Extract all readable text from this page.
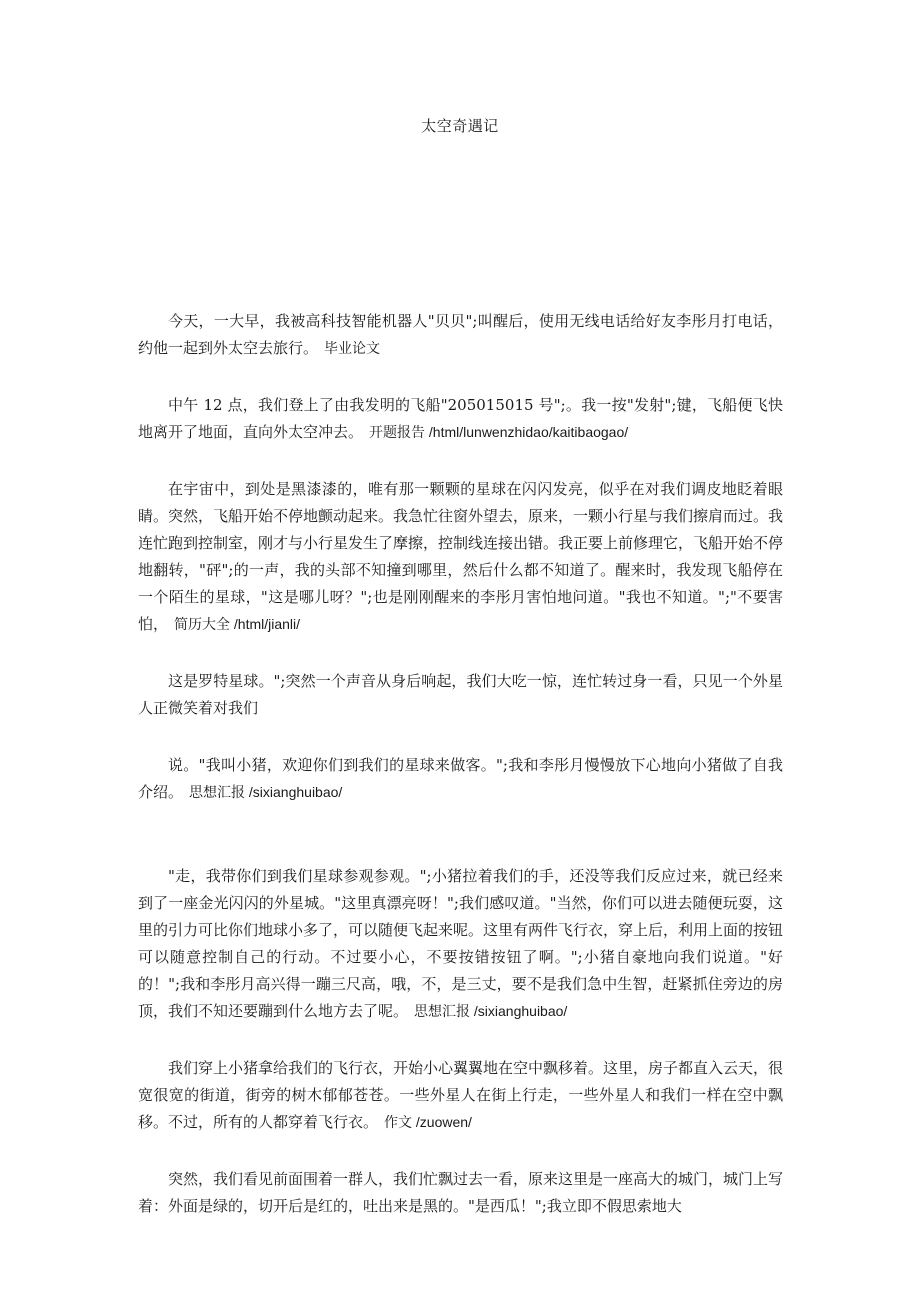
太空奇遇记

今天，一大早，我被高科技智能机器人"贝贝";叫醒后，使用无线电话给好友李彤月打电话，约他一起到外太空去旅行。 毕业论文

中午 12 点，我们登上了由我发明的飞船"205015015 号";。我一按"发射";键，飞船便飞快地离开了地面，直向外太空冲去。 开题报告 /html/lunwenzhidao/kaitibaogao/

在宇宙中，到处是黑漆漆的，唯有那一颗颗的星球在闪闪发亮，似乎在对我们调皮地眨着眼睛。突然，飞船开始不停地颤动起来。我急忙往窗外望去，原来，一颗小行星与我们擦肩而过。我连忙跑到控制室，刚才与小行星发生了摩擦，控制线连接出错。我正要上前修理它，飞船开始不停地翻转，"砰";的一声，我的头部不知撞到哪里，然后什么都不知道了。醒来时，我发现飞船停在一个陌生的星球，"这是哪儿呀？";也是刚刚醒来的李彤月害怕地问道。"我也不知道。";"不要害怕， 简历大全 /html/jianli/

这是罗特星球。";突然一个声音从身后响起，我们大吃一惊，连忙转过身一看，只见一个外星人正微笑着对我们

说。"我叫小猪，欢迎你们到我们的星球来做客。";我和李彤月慢慢放下心地向小猪做了自我介绍。 思想汇报 /sixianghuibao/

"走，我带你们到我们星球参观参观。";小猪拉着我们的手，还没等我们反应过来，就已经来到了一座金光闪闪的外星城。"这里真漂亮呀！";我们感叹道。"当然，你们可以进去随便玩耍，这里的引力可比你们地球小多了，可以随便飞起来呢。这里有两件飞行衣，穿上后，利用上面的按钮可以随意控制自己的行动。不过要小心，不要按错按钮了啊。";小猪自豪地向我们说道。"好的！";我和李彤月高兴得一蹦三尺高，哦，不，是三丈，要不是我们急中生智，赶紧抓住旁边的房顶，我们不知还要蹦到什么地方去了呢。 思想汇报 /sixianghuibao/

我们穿上小猪拿给我们的飞行衣，开始小心翼翼地在空中飘移着。这里，房子都直入云天，很宽很宽的街道，街旁的树木郁郁苍苍。一些外星人在街上行走，一些外星人和我们一样在空中飘移。不过，所有的人都穿着飞行衣。 作文 /zuowen/

突然，我们看见前面围着一群人，我们忙飘过去一看，原来这里是一座高大的城门，城门上写着：外面是绿的，切开后是红的，吐出来是黑的。"是西瓜！";我立即不假思索地大
